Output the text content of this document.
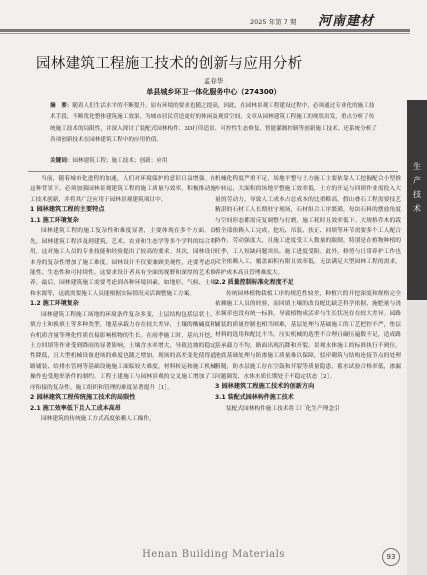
2025 年第 7 期 河南建材
园林建筑工程施工技术的创新与应用分析
孟春华
单县城乡环卫一体化服务中心（274300）
摘　要：随着人们生活水平的不断提升，原有环境的要求也随之提高，因此，在园林景观工程建设过程中，必须通过专业化的施工技术手段，不断优化整体建筑施工效果，为城市居民营造更好的休闲及观赏空间。文章从园林建筑工程施工的现状出发，重点分析了传统施工技术的局限性，并深入探讨了装配式园林构件、3D打印造景、可控性生态修复、智能灌溉控制等创新施工技术。还系统分析了各项创新技术在园林建筑工程中的应用价值。
关键词：园林建筑工程；施工技术；创新；应用

当前，随着城市化进程的加速，人们对环境保护的意识日益增强。在这种背景下，必须加强园林景观建筑工程的施工质量与效率，积极推动施工技术创新，并将其广泛应用于园林景观建筑项目中。

1 园林建筑工程的主要特点
1.1 施工环境复杂

园林建筑工程的施工复杂性和难度显著，主要体现在多个方面。首先，园林建筑工程涉及到建筑、艺术、农业和生态学等多个学科的综合利用，这对施工人员的专业技能和经验提出了较高的要求。其次，园林设计本身的复杂性增加了施工难度。园林设计不仅要兼顾美观性，还要考虑功能性、生态性和可持续性。这要求设计者具有全面的视野和深厚的艺术修养，最后，园林建筑施工需要考虑到各种环境因素，如地形、气候、土壤和水源等，这就需要施工人员能根据实际情况灵活调整施工方案。

1.2 施工环境复杂

园林建筑工程施工场地的环境条件复杂多变，土层结构包括层状土、填方土和换填土等多种类型。地基承载力存在较大差异，土壤的酸碱度和有机质含量等理化性质直接影响植物的生长。在雨季施工时，基坑开挖、土方回填等作业受到降雨的显著影响，土壤含水率增大，导致边坡的稳定性降低，且大型机械设备进场的难度也随之增加。现场的高差变化使得道路铺装、给排水管网等基础设施施工面临较大难度，材料转运和施工机械操作也受地形条件的制约。工程土建施工与园林景观的交叉施工增加了工序衔接的复杂性。施工组织和管理的难度显著提升［1］。

2 园林建筑工程传统施工技术的局限性
2.1 施工效率低下且人工成本高昂

园林建筑的传统施工方式高度依赖人工操作，

机械化程度严重不足，场地平整与土方施工主要依靠人工挖掘配合小型推车转运，大面积的场地平整施工效率低，土方的开运与回填作业需投入大量的劳动力，导致人工成本占总成本的比重略高。假山叠石工程需要技艺精湛的石材工人长期驻守现场，石材组合工序繁琐，每块石料的摆放角度与空间形态都需反复调整与打磨，施工耗时且效率低下。大规格乔木的栽植全部依赖人工完成，挖坑、吊装、扶正、回填等环节需要多个工人配合协作，劳动强度大，且施工进度受工人数量的限制，特别是在植物种植的旺季，工人短缺问题突出，施工进度受阻。此外，修剪与日常养护工作也完全依赖人工，覆盖面积有限且效率低，无法满足大型园林工程的需求，养护成本高且管理难度大。

2.2 质量控制标准化程度不足

传统园林植物栽植工序的规范性较差，种植穴的开挖深度和规格完全依赖施工人员的经验，而回填土壤的改良配比缺乏科学依据，施肥量与浇水频率也没有统一标准，导致植物成活率与生长状况存在较大差异。园路铺装的质量控制也相当困难，基层处理与基础施工的工艺把控不严，垫层材料的选用和配比不当，压实机械的选型不合理且碾压遍数不足，造成路基承载力不均，路面出现沉降和开裂。景观水体施工的标准执行不到位，池底基础处理与防渗施工质量难以保障，驳岸砌筑与结构连接节点的处理粗糙，防水层施工存在空鼓和开裂等质量隐患，蓄水试验合格率低，渗漏问题频发，水体水质长期处于不稳定状态［2］。

3 园林建筑工程施工技术的创新方向
3.1 装配式园林构件施工技术

装配式园林构件施工技术将工厂化生产理念引

生
产
技
术
Henan Building Materials	93
